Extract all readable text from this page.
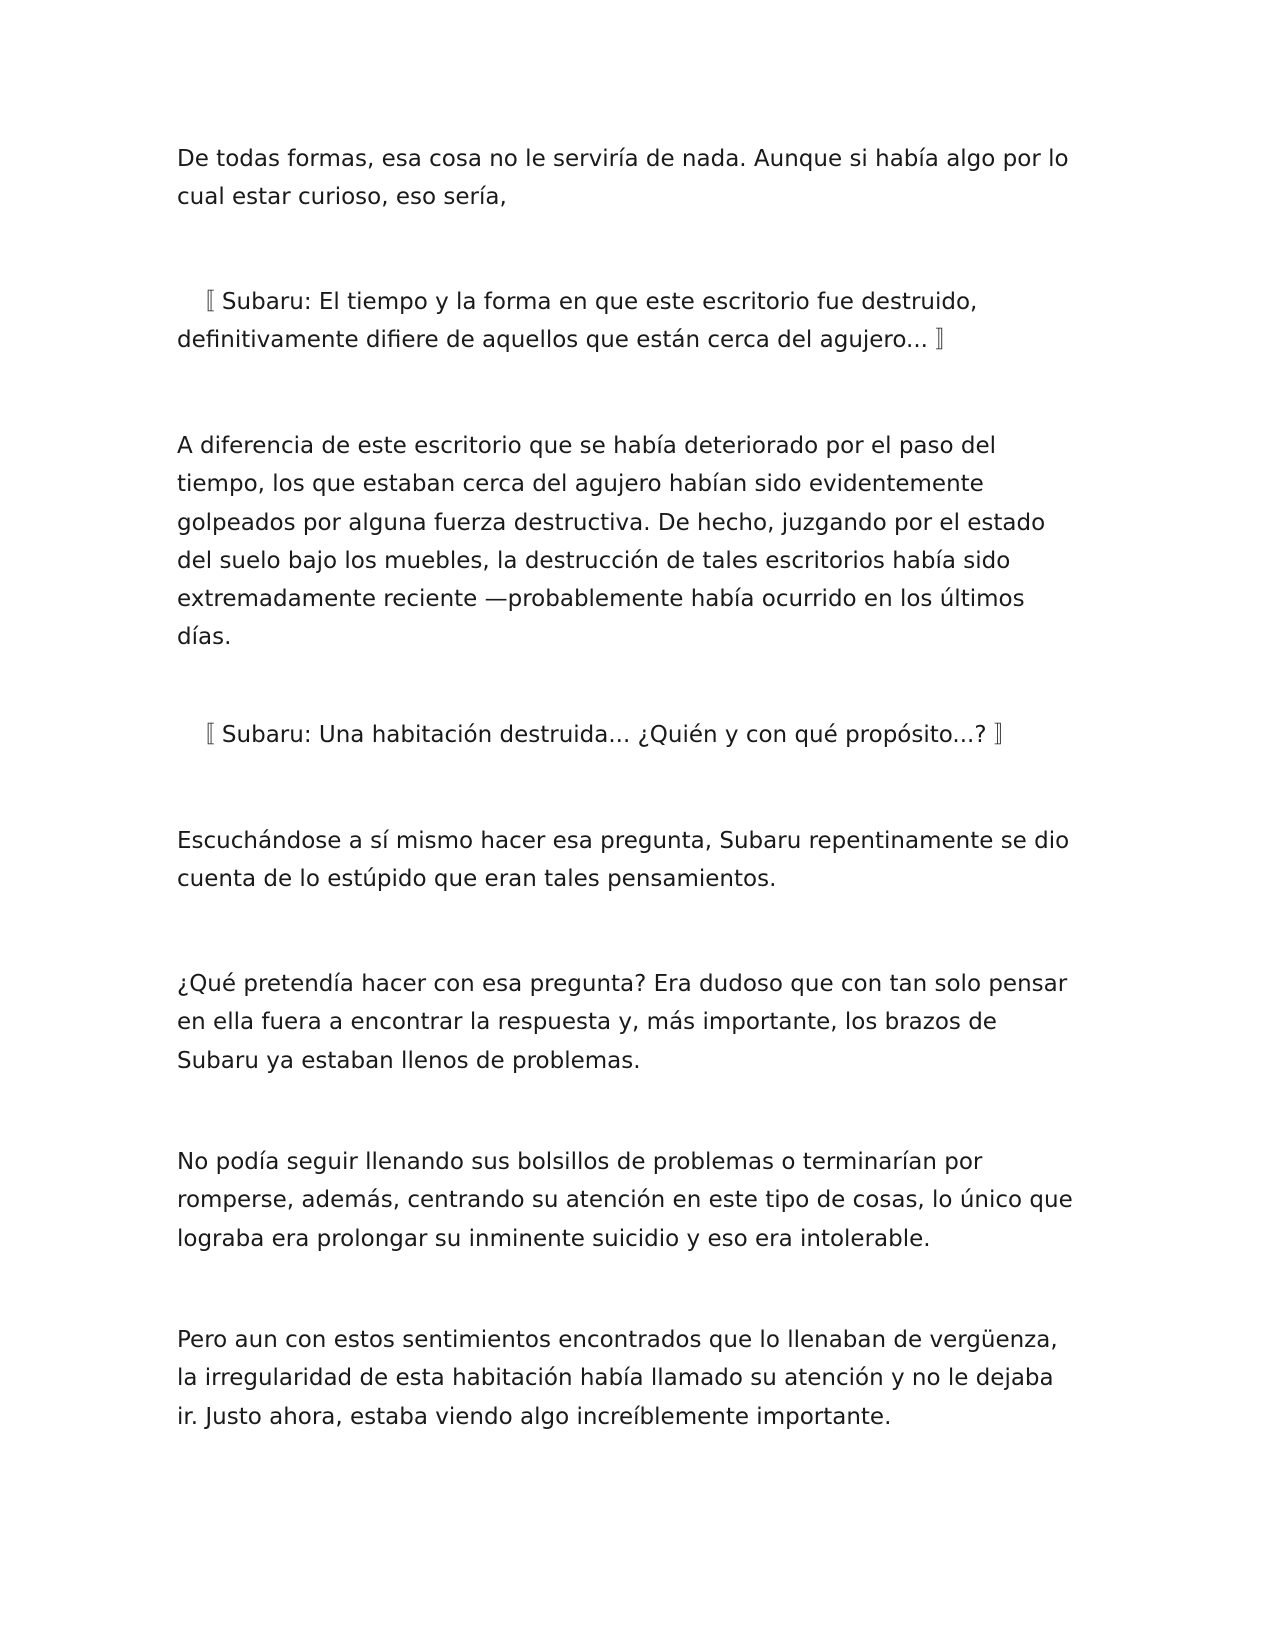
De todas formas, esa cosa no le serviría de nada. Aunque si había algo por lo
cual estar curioso, eso sería,

〚 Subaru: El tiempo y la forma en que este escritorio fue destruido,
definitivamente difiere de aquellos que están cerca del agujero... 〛

A diferencia de este escritorio que se había deteriorado por el paso del
tiempo, los que estaban cerca del agujero habían sido evidentemente
golpeados por alguna fuerza destructiva. De hecho, juzgando por el estado
del suelo bajo los muebles, la destrucción de tales escritorios había sido
extremadamente reciente —probablemente había ocurrido en los últimos
días.

〚 Subaru: Una habitación destruida... ¿Quién y con qué propósito...? 〛

Escuchándose a sí mismo hacer esa pregunta, Subaru repentinamente se dio
cuenta de lo estúpido que eran tales pensamientos.

¿Qué pretendía hacer con esa pregunta? Era dudoso que con tan solo pensar
en ella fuera a encontrar la respuesta y, más importante, los brazos de
Subaru ya estaban llenos de problemas.

No podía seguir llenando sus bolsillos de problemas o terminarían por
romperse, además, centrando su atención en este tipo de cosas, lo único que
lograba era prolongar su inminente suicidio y eso era intolerable.

Pero aun con estos sentimientos encontrados que lo llenaban de vergüenza,
la irregularidad de esta habitación había llamado su atención y no le dejaba
ir. Justo ahora, estaba viendo algo increíblemente importante.
